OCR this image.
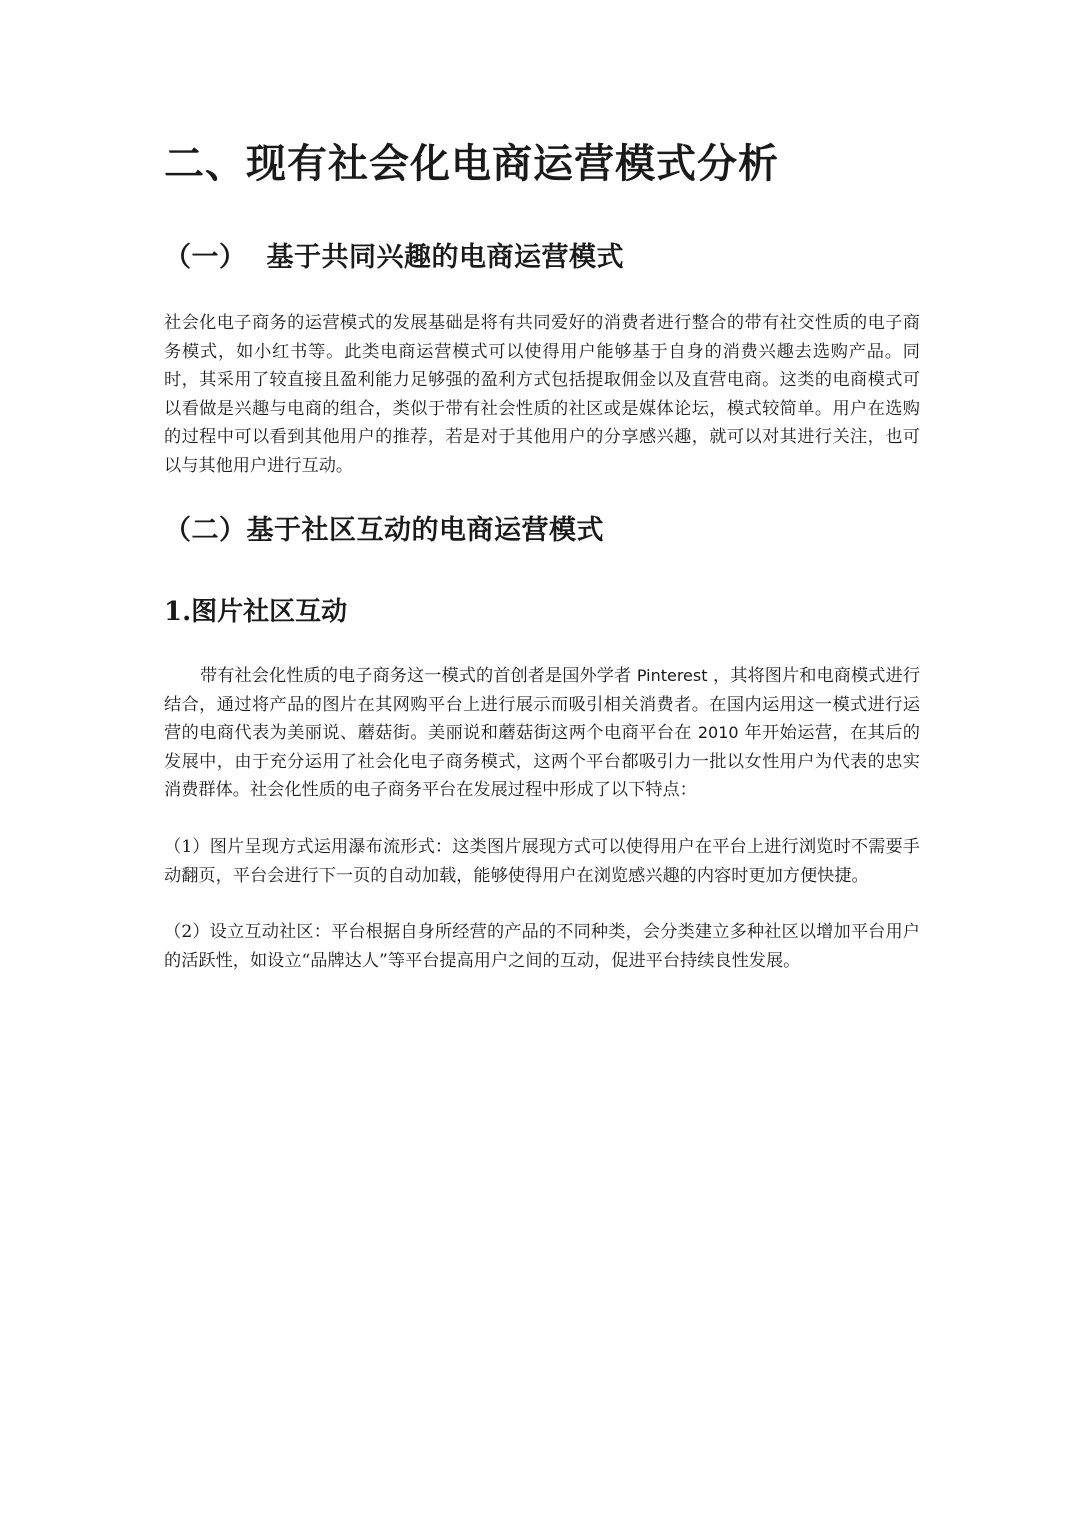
二、现有社会化电商运营模式分析
（一） 基于共同兴趣的电商运营模式

社会化电子商务的运营模式的发展基础是将有共同爱好的消费者进行整合的带有社交性质的电子商务模式，如小红书等。此类电商运营模式可以使得用户能够基于自身的消费兴趣去选购产品。同时，其采用了较直接且盈利能力足够强的盈利方式包括提取佣金以及直营电商。这类的电商模式可以看做是兴趣与电商的组合，类似于带有社会性质的社区或是媒体论坛，模式较简单。用户在选购的过程中可以看到其他用户的推荐，若是对于其他用户的分享感兴趣，就可以对其进行关注，也可以与其他用户进行互动。

（二）基于社区互动的电商运营模式
1.图片社区互动

带有社会化性质的电子商务这一模式的首创者是国外学者 Pinterest ，其将图片和电商模式进行结合，通过将产品的图片在其网购平台上进行展示而吸引相关消费者。在国内运用这一模式进行运营的电商代表为美丽说、蘑菇街。美丽说和蘑菇街这两个电商平台在 2010 年开始运营，在其后的发展中，由于充分运用了社会化电子商务模式，这两个平台都吸引力一批以女性用户为代表的忠实消费群体。社会化性质的电子商务平台在发展过程中形成了以下特点：

（1）图片呈现方式运用瀑布流形式：这类图片展现方式可以使得用户在平台上进行浏览时不需要手动翻页，平台会进行下一页的自动加载，能够使得用户在浏览感兴趣的内容时更加方便快捷。

（2）设立互动社区：平台根据自身所经营的产品的不同种类，会分类建立多种社区以增加平台用户的活跃性，如设立“品牌达人”等平台提高用户之间的互动，促进平台持续良性发展。
